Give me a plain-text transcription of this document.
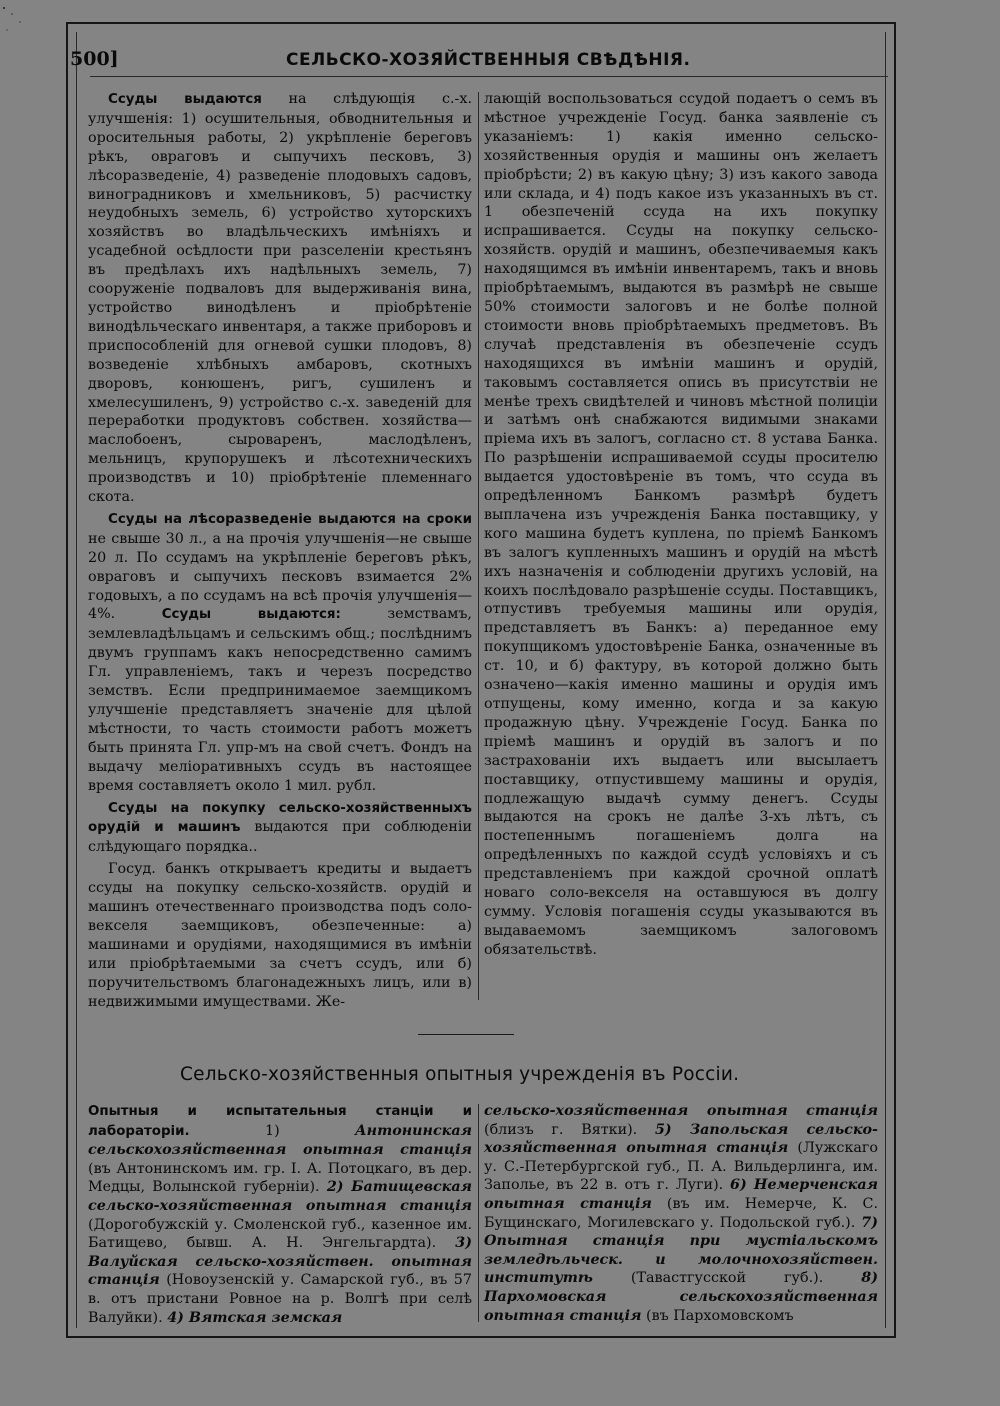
500]	СЕЛЬСКО-ХОЗЯЙСТВЕННЫЯ СВѢДѢНІЯ.

Ссуды выдаются на слѣдующія с.-х. улучшенія: 1) осушительныя, обводнительныя и оросительныя работы, 2) укрѣпленіе береговъ рѣкъ, овраговъ и сыпучихъ песковъ, 3) лѣсоразведеніе, 4) разведеніе плодовыхъ садовъ, виноградниковъ и хмельниковъ, 5) расчистку неудобныхъ земель, 6) устройство хуторскихъ хозяйствъ во владѣльческихъ имѣніяхъ и усадебной осѣдлости при разселеніи крестьянъ въ предѣлахъ ихъ надѣльныхъ земель, 7) сооруженіе подваловъ для выдерживанія вина, устройство винодѣленъ и пріобрѣтеніе винодѣльческаго инвентаря, а также приборовъ и приспособленій для огневой сушки плодовъ, 8) возведеніе хлѣбныхъ амбаровъ, скотныхъ дворовъ, конюшенъ, ригъ, сушиленъ и хмелесушиленъ, 9) устройство с.-х. заведеній для переработки продуктовъ собствен. хозяйства—маслобоенъ, сыроваренъ, маслодѣленъ, мельницъ, крупорушекъ и лѣсотехническихъ производствъ и 10) пріобрѣтеніе племеннаго скота.

Ссуды на лѣсоразведеніе выдаются на сроки не свыше 30 л., а на прочія улучшенія—не свыше 20 л. По ссудамъ на укрѣпленіе береговъ рѣкъ, овраговъ и сыпучихъ песковъ взимается 2% годовыхъ, а по ссудамъ на всѣ прочія улучшенія—4%. Ссуды выдаются: земствамъ, землевладѣльцамъ и сельскимъ общ.; послѣднимъ двумъ группамъ какъ непосредственно самимъ Гл. управленіемъ, такъ и черезъ посредство земствъ. Если предпринимаемое заемщикомъ улучшеніе представляетъ значеніе для цѣлой мѣстности, то часть стоимости работъ можетъ быть принята Гл. упр-мъ на свой счетъ. Фондъ на выдачу меліоративныхъ ссудъ въ настоящее время составляетъ около 1 мил. рубл.

Ссуды на покупку сельско-хозяйственныхъ орудій и машинъ выдаются при соблюденіи слѣдующаго порядка..

Госуд. банкъ открываетъ кредиты и выдаетъ ссуды на покупку сельско-хозяйств. орудій и машинъ отечественнаго производства подъ соло-векселя заемщиковъ, обезпеченные: а) машинами и орудіями, находящимися въ имѣніи или пріобрѣтаемыми за счетъ ссудъ, или б) поручительствомъ благонадежныхъ лицъ, или в) недвижимыми имуществами. Же-

лающій воспользоваться ссудой подаетъ о семъ въ мѣстное учрежденіе Госуд. банка заявленіе съ указаніемъ: 1) какія именно сельско-хозяйственныя орудія и машины онъ желаетъ пріобрѣсти; 2) въ какую цѣну; 3) изъ какого завода или склада, и 4) подъ какое изъ указанныхъ въ ст. 1 обезпеченій ссуда на ихъ покупку испрашивается. Ссуды на покупку сельско-хозяйств. орудій и машинъ, обезпечиваемыя какъ находящимся въ имѣніи инвентаремъ, такъ и вновь пріобрѣтаемымъ, выдаются въ размѣрѣ не свыше 50% стоимости залоговъ и не болѣе полной стоимости вновь пріобрѣтаемыхъ предметовъ. Въ случаѣ представленія въ обезпеченіе ссудъ находящихся въ имѣніи машинъ и орудій, таковымъ составляется опись въ присутствіи не менѣе трехъ свидѣтелей и чиновъ мѣстной полиціи и затѣмъ онѣ снабжаются видимыми знаками пріема ихъ въ залогъ, согласно ст. 8 устава Банка. По разрѣшеніи испрашиваемой ссуды просителю выдается удостовѣреніе въ томъ, что ссуда въ опредѣленномъ Банкомъ размѣрѣ будетъ выплачена изъ учрежденія Банка поставщику, у кого машина будетъ куплена, по пріемѣ Банкомъ въ залогъ купленныхъ машинъ и орудій на мѣстѣ ихъ назначенія и соблюденіи другихъ условій, на коихъ послѣдовало разрѣшеніе ссуды. Поставщикъ, отпустивъ требуемыя машины или орудія, представляетъ въ Банкъ: а) переданное ему покупщикомъ удостовѣреніе Банка, означенные въ ст. 10, и б) фактуру, въ которой должно быть означено—какія именно машины и орудія имъ отпущены, кому именно, когда и за какую продажную цѣну. Учрежденіе Госуд. Банка по пріемѣ машинъ и орудій въ залогъ и по застрахованіи ихъ выдаетъ или высылаетъ поставщику, отпустившему машины и орудія, подлежащую выдачѣ сумму денегъ. Ссуды выдаются на срокъ не далѣе 3-хъ лѣтъ, съ постепеннымъ погашеніемъ долга на опредѣленныхъ по каждой ссудѣ условіяхъ и съ представленіемъ при каждой срочной оплатѣ новаго соло-векселя на оставшуюся въ долгу сумму. Условія погашенія ссуды указываются въ выдаваемомъ заемщикомъ залоговомъ обязательствѣ.

Сельско-хозяйственныя опытныя учрежденія въ Россіи.

Опытныя и испытательныя станціи и лабораторіи. 1) Антонинская сельскохозяйственная опытная станція (въ Антонинскомъ им. гр. І. А. Потоцкаго, въ дер. Медцы, Волынской губерніи). 2) Батищевская сельско-хозяйственная опытная станція (Дорогобужскій у. Смоленской губ., казенное им. Батищево, бывш. А. Н. Энгельгардта). 3) Валуйская сельско-хозяйствен. опытная станція (Новоузенскій у. Самарской губ., въ 57 в. отъ пристани Ровное на р. Волгѣ при селѣ Валуйки). 4) Вятская земская

сельско-хозяйственная опытная станція (близъ г. Вятки). 5) Запольская сельско-хозяйственная опытная станція (Лужскаго у. С.-Петербургской губ., П. А. Вильдерлинга, им. Заполье, въ 22 в. отъ г. Луги). 6) Немерченская опытная станція (въ им. Немерче, К. С. Бущинскаго, Могилевскаго у. Подольской губ.). 7) Опытная станція при мустіальскомъ земледѣльческ. и молочнохозяйствен. институтѣ (Тавастгусской губ.). 8) Пархомовская сельскохозяйственная опытная станція (въ Пархомовскомъ
